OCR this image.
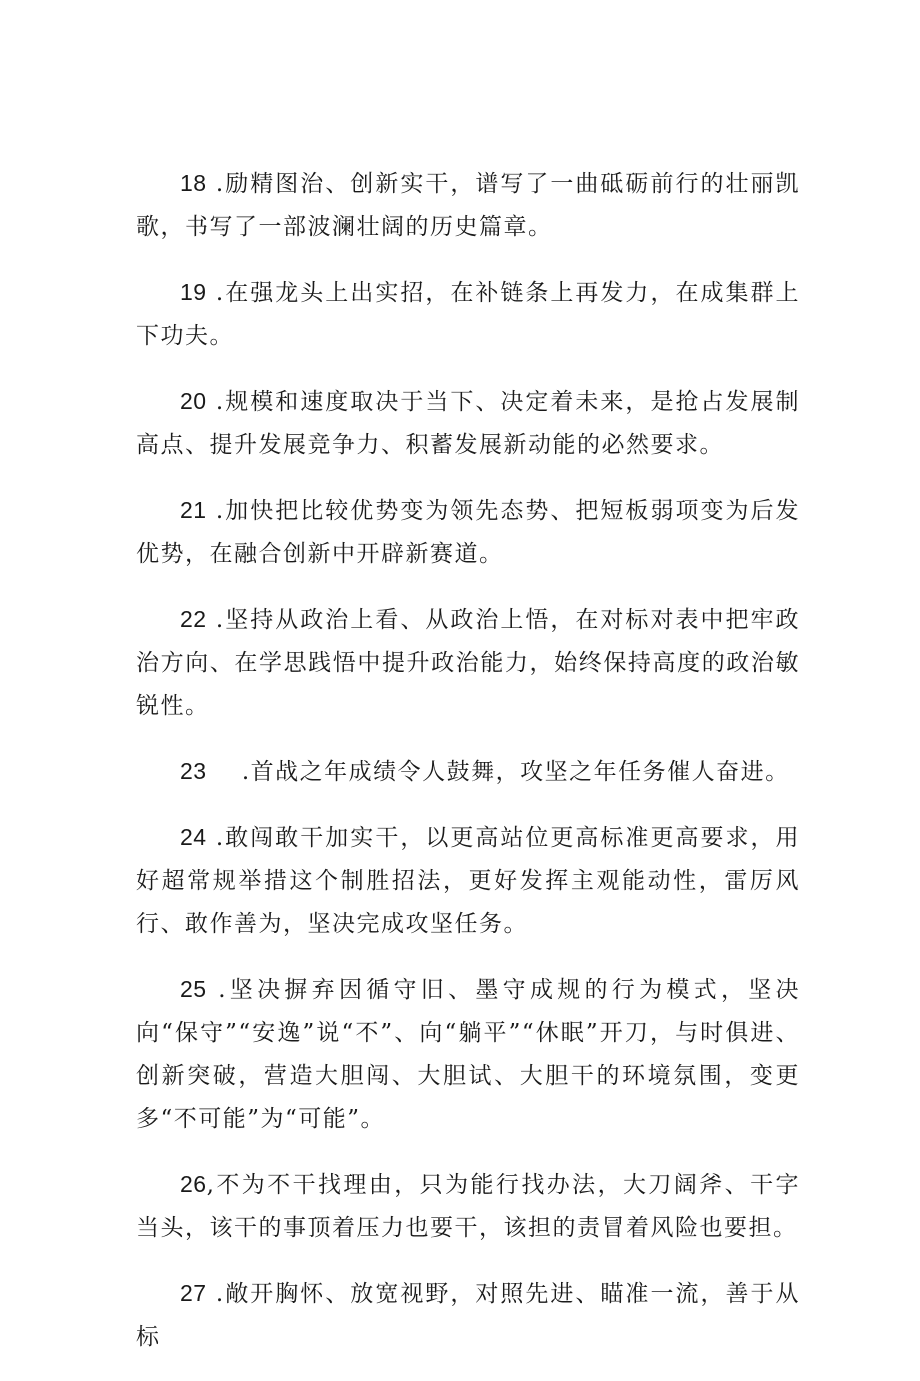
18 .励精图治、创新实干，谱写了一曲砥砺前行的壮丽凯歌，书写了一部波澜壮阔的历史篇章。

19 .在强龙头上出实招，在补链条上再发力，在成集群上下功夫。

20 .规模和速度取决于当下、决定着未来，是抢占发展制高点、提升发展竞争力、积蓄发展新动能的必然要求。

21 .加快把比较优势变为领先态势、把短板弱项变为后发优势，在融合创新中开辟新赛道。

22 .坚持从政治上看、从政治上悟，在对标对表中把牢政治方向、在学思践悟中提升政治能力，始终保持高度的政治敏锐性。

23    .首战之年成绩令人鼓舞，攻坚之年任务催人奋进。

24 .敢闯敢干加实干，以更高站位更高标准更高要求，用好超常规举措这个制胜招法，更好发挥主观能动性，雷厉风行、敢作善为，坚决完成攻坚任务。

25 .坚决摒弃因循守旧、墨守成规的行为模式，坚决向“保守”“安逸”说“不”、向“躺平”“休眠”开刀，与时俱进、创新突破，营造大胆闯、大胆试、大胆干的环境氛围，变更多“不可能”为“可能”。

26,不为不干找理由，只为能行找办法，大刀阔斧、干字当头，该干的事顶着压力也要干，该担的责冒着风险也要担。

27 .敞开胸怀、放宽视野，对照先进、瞄准一流，善于从标
